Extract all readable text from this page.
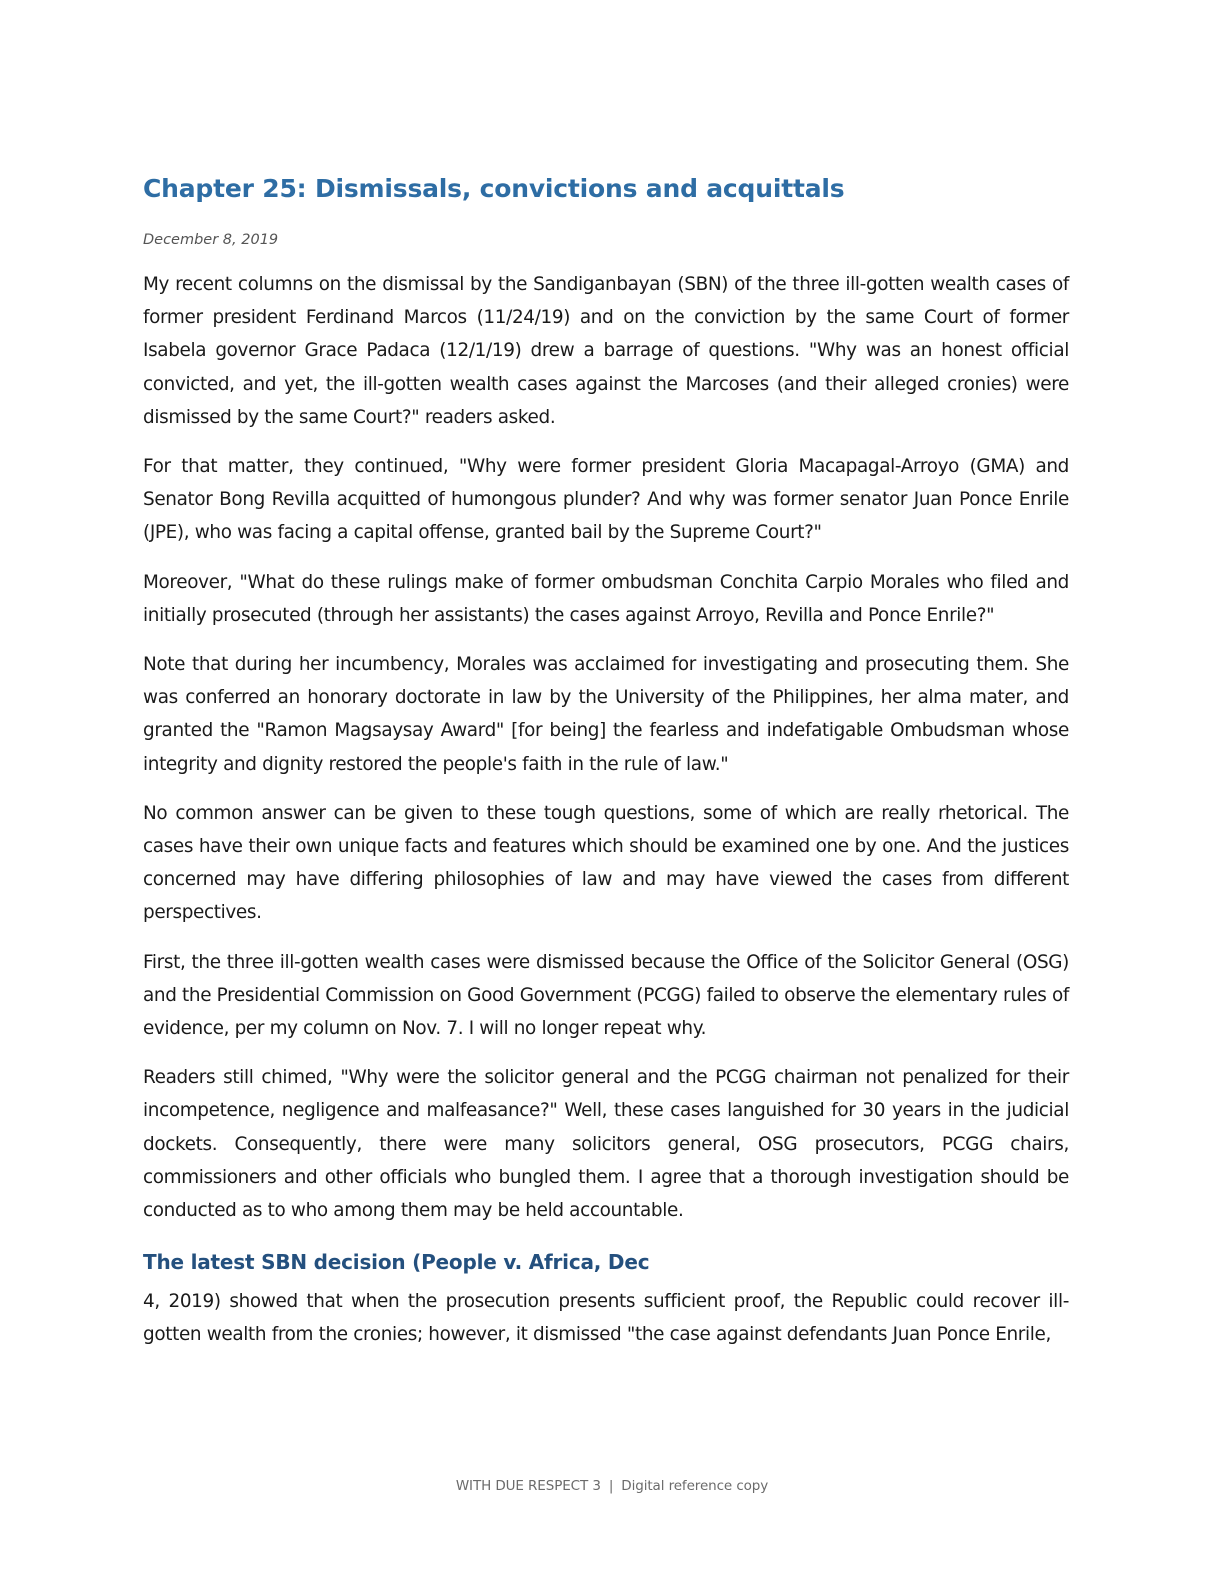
Chapter 25: Dismissals, convictions and acquittals
December 8, 2019

My recent columns on the dismissal by the Sandiganbayan (SBN) of the three ill-gotten wealth cases of former president Ferdinand Marcos (11/24/19) and on the conviction by the same Court of former Isabela governor Grace Padaca (12/1/19) drew a barrage of questions. "Why was an honest official convicted, and yet, the ill-gotten wealth cases against the Marcoses (and their alleged cronies) were dismissed by the same Court?" readers asked.

For that matter, they continued, "Why were former president Gloria Macapagal-Arroyo (GMA) and Senator Bong Revilla acquitted of humongous plunder? And why was former senator Juan Ponce Enrile (JPE), who was facing a capital offense, granted bail by the Supreme Court?"

Moreover, "What do these rulings make of former ombudsman Conchita Carpio Morales who filed and initially prosecuted (through her assistants) the cases against Arroyo, Revilla and Ponce Enrile?"

Note that during her incumbency, Morales was acclaimed for investigating and prosecuting them. She was conferred an honorary doctorate in law by the University of the Philippines, her alma mater, and granted the "Ramon Magsaysay Award" [for being] the fearless and indefatigable Ombudsman whose integrity and dignity restored the people's faith in the rule of law."

No common answer can be given to these tough questions, some of which are really rhetorical. The cases have their own unique facts and features which should be examined one by one. And the justices concerned may have differing philosophies of law and may have viewed the cases from different perspectives.

First, the three ill-gotten wealth cases were dismissed because the Office of the Solicitor General (OSG) and the Presidential Commission on Good Government (PCGG) failed to observe the elementary rules of evidence, per my column on Nov. 7. I will no longer repeat why.

Readers still chimed, "Why were the solicitor general and the PCGG chairman not penalized for their incompetence, negligence and malfeasance?" Well, these cases languished for 30 years in the judicial dockets. Consequently, there were many solicitors general, OSG prosecutors, PCGG chairs, commissioners and other officials who bungled them. I agree that a thorough investigation should be conducted as to who among them may be held accountable.

The latest SBN decision (People v. Africa, Dec

4, 2019) showed that when the prosecution presents sufficient proof, the Republic could recover ill-gotten wealth from the cronies; however, it dismissed "the case against defendants Juan Ponce Enrile,

WITH DUE RESPECT 3 | Digital reference copy
